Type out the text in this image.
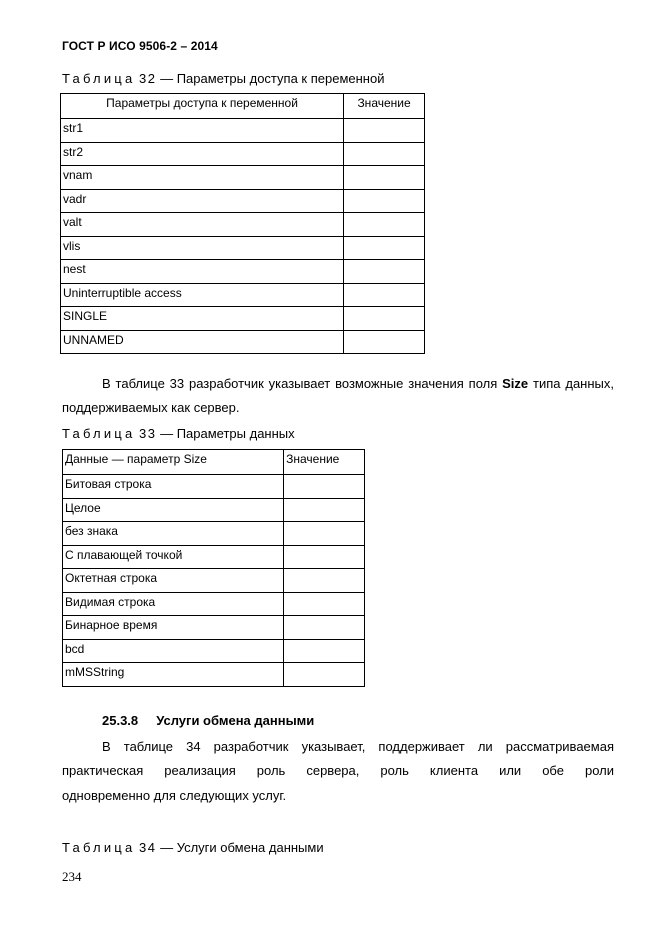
ГОСТ Р ИСО 9506-2 – 2014
Таблица 32 — Параметры доступа к переменной
Параметры доступа к переменной	Значение
str1	
str2	
vnam	
vadr	
valt	
vlis	
nest	
Uninterruptible access	
SINGLE	
UNNAMED	
В таблице 33 разработчик указывает возможные значения поля Size типа данных, поддерживаемых как сервер.
Таблица 33 — Параметры данных
Данные — параметр Size	Значение
Битовая строка	
Целое	
без знака	
С плавающей точкой	
Октетная строка	
Видимая строка	
Бинарное время	
bcd	
mMSString	
25.3.8 Услуги обмена данными
В таблице 34 разработчик указывает, поддерживает ли рассматриваемая
практическая реализация роль сервера, роль клиента или обе роли
одновременно для следующих услуг.
Таблица 34 — Услуги обмена данными
234
